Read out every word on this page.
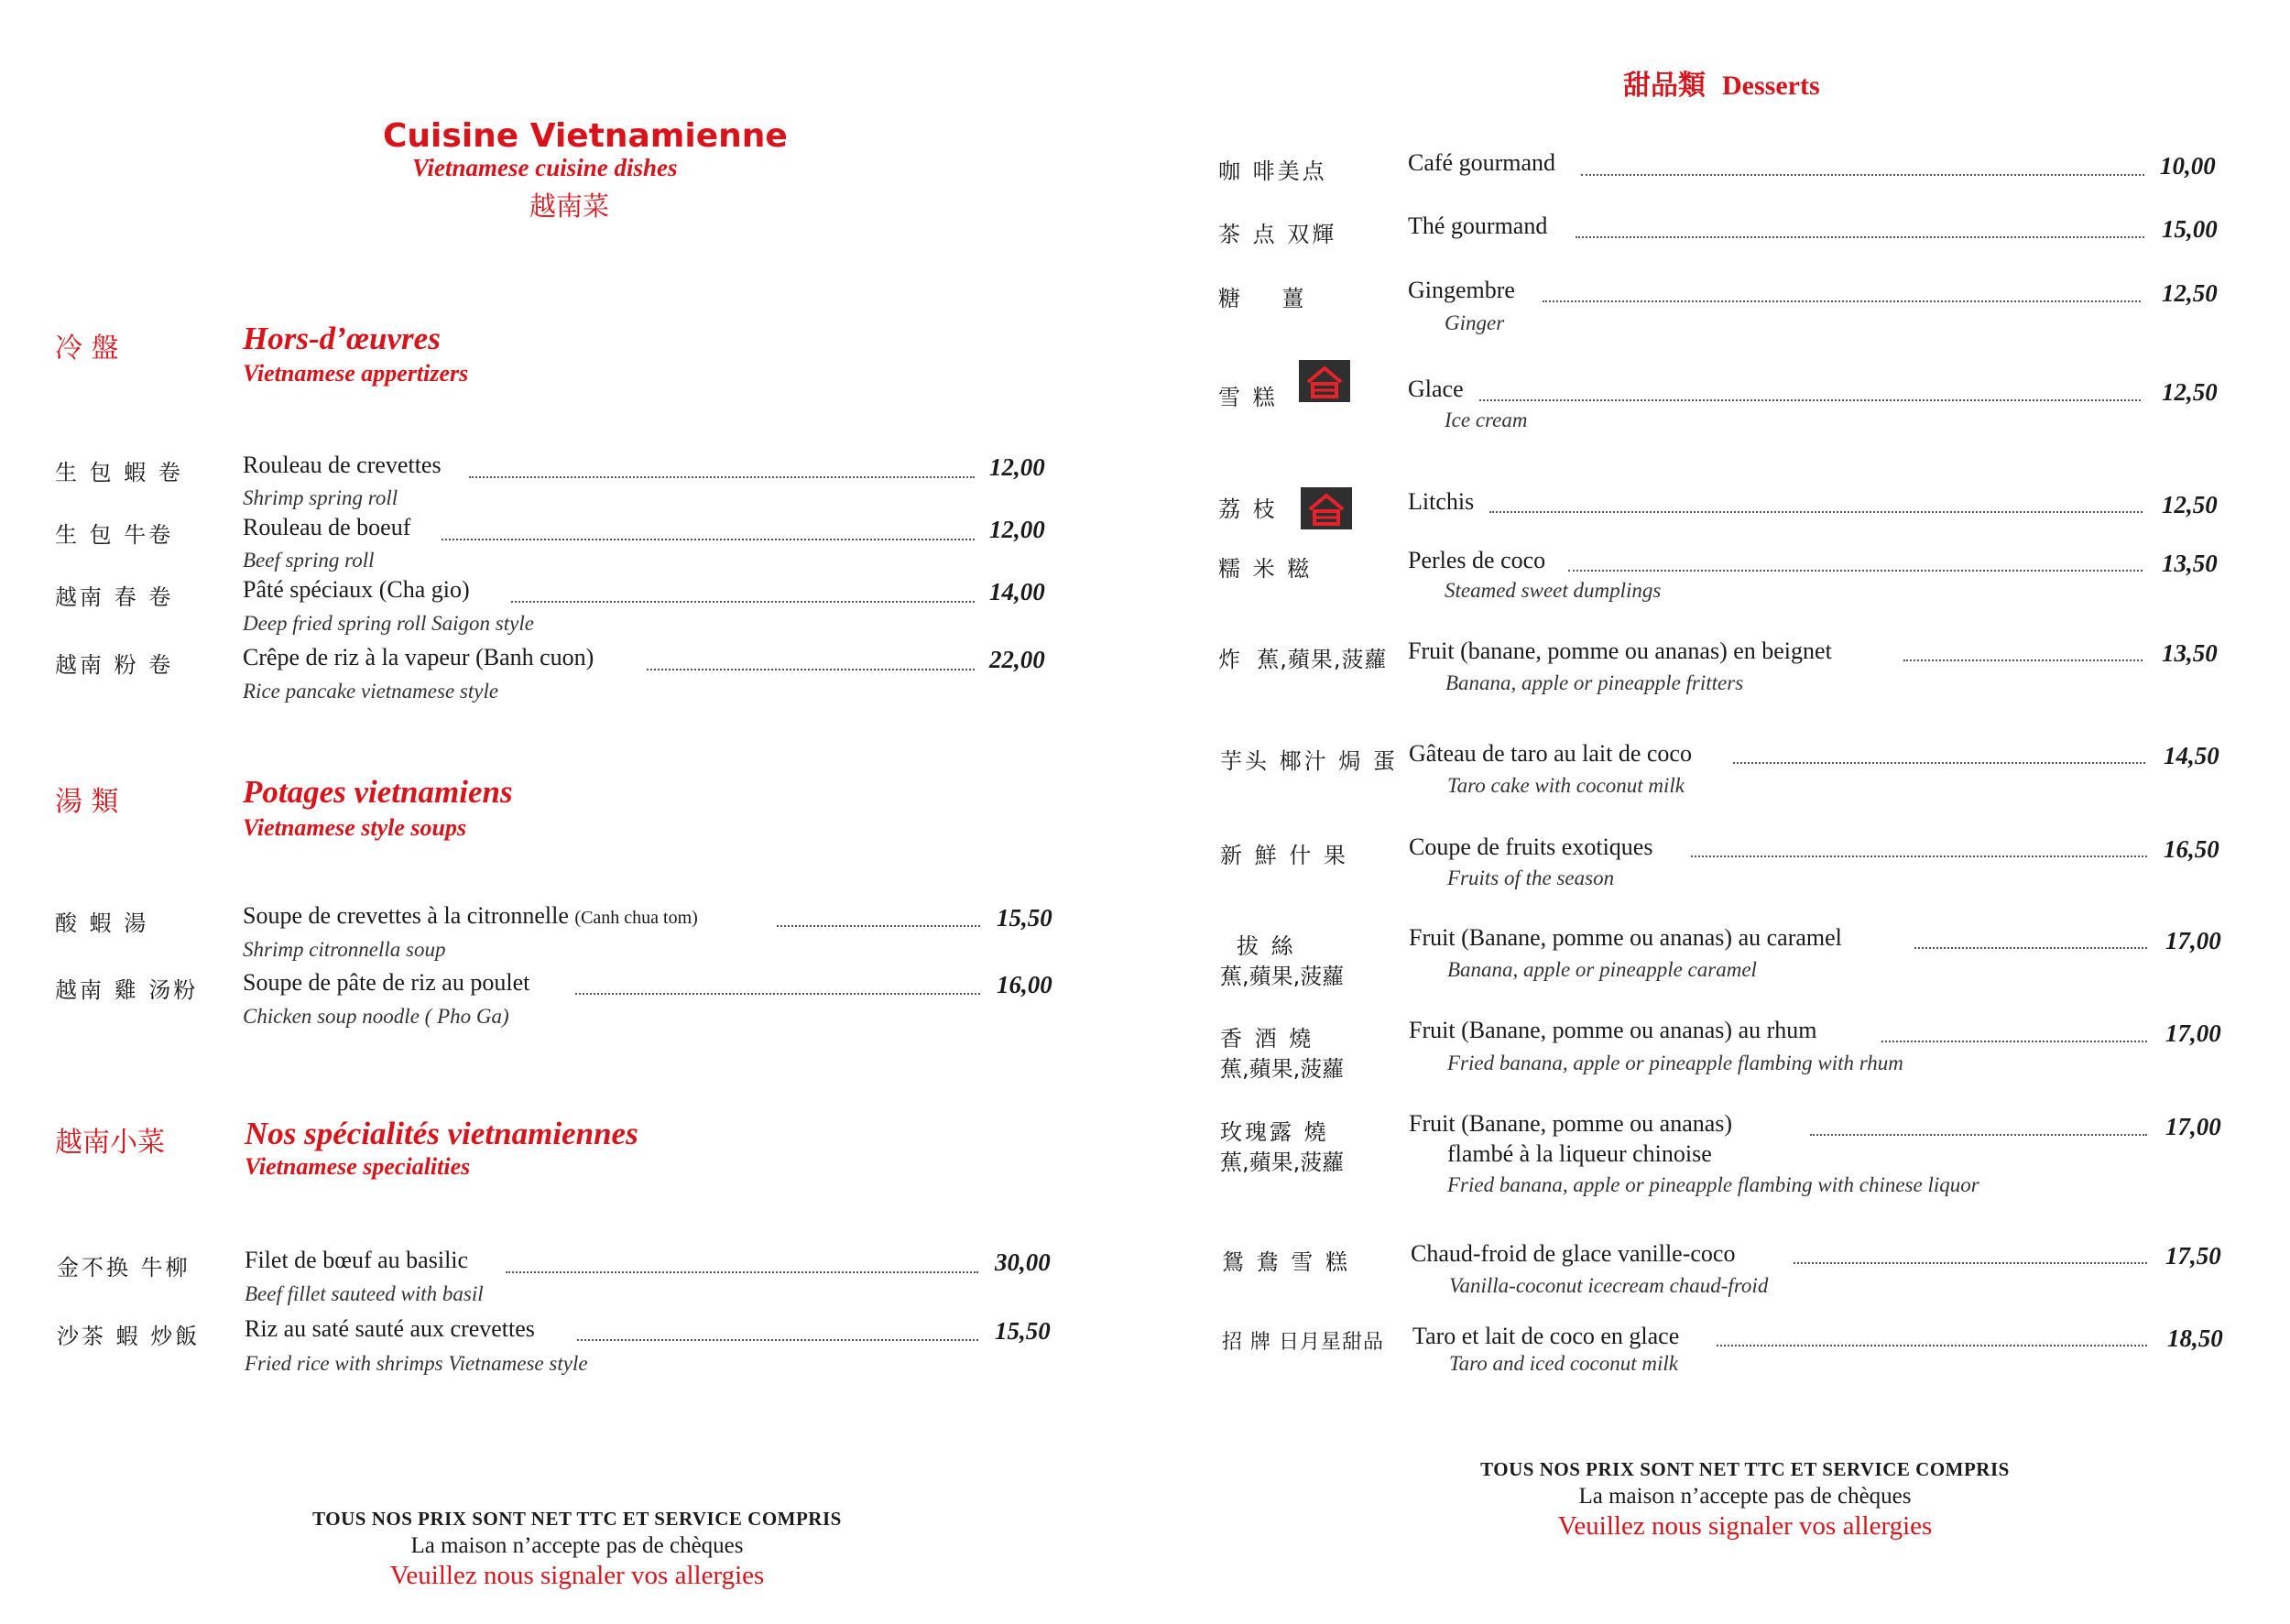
Cuisine Vietnamienne
Vietnamese cuisine dishes
越南菜
冷 盤	Hors-d’œuvres
Vietnamese appertizers
生 包 蝦 卷	Rouleau de crevettes	12,00
Shrimp spring roll
生 包 牛卷	Rouleau de boeuf	12,00
Beef spring roll
越南 春 卷	Pâté spéciaux (Cha gio)	14,00
Deep fried spring roll Saigon style
越南 粉 卷	Crêpe de riz à la vapeur (Banh cuon)	22,00
Rice pancake vietnamese style
湯 類	Potages vietnamiens
Vietnamese style soups
酸 蝦 湯	Soupe de crevettes à la citronnelle (Canh chua tom)	15,50
Shrimp citronnella soup
越南 雞 汤粉 Soupe de pâte de riz au poulet	16,00
Chicken soup noodle ( Pho Ga)
越南小菜 Nos spécialités vietnamiennes
Vietnamese specialities
金不换 牛柳 Filet de bœuf au basilic	30,00
Beef fillet sauteed with basil
沙茶 蝦 炒飯 Riz au saté sauté aux crevettes	15,50
Fried rice with shrimps Vietnamese style
TOUS NOS PRIX SONT NET TTC ET SERVICE COMPRIS
La maison n’accepte pas de chèques
Veuillez nous signaler vos allergies
甜品類 Desserts
咖 啡美点	Café gourmand	10,00
茶 点 双輝	Thé gourmand	15,00
糖    薑	Gingembre	12,50
Ginger
雪 糕	Glace	12,50
Ice cream
荔 枝	Litchis	12,50
糯 米 糍	Perles de coco	13,50
Steamed sweet dumplings
炸  蕉,蘋果,菠蘿 Fruit (banane, pomme ou ananas) en beignet	13,50
Banana, apple or pineapple fritters
芋头 椰汁 焗 蛋 Gâteau de taro au lait de coco	14,50
Taro cake with coconut milk
新 鮮 什 果	Coupe de fruits exotiques	16,50
Fruits of the season
拔 絲
蕉,蘋果,菠蘿
Fruit (Banane, pomme ou ananas) au caramel	17,00
Banana, apple or pineapple caramel
香 酒 燒
蕉,蘋果,菠蘿
Fruit (Banane, pomme ou ananas) au rhum	17,00
Fried banana, apple or pineapple flambing with rhum
玫瑰露 燒
蕉,蘋果,菠蘿
Fruit (Banane, pomme ou ananas)	17,00
flambé à la liqueur chinoise
Fried banana, apple or pineapple flambing with chinese liquor
鴛 鴦 雪 糕	Chaud-froid de glace vanille-coco	17,50
Vanilla-coconut icecream chaud-froid
招 牌 日月星甜品 Taro et lait de coco en glace	18,50
Taro and iced coconut milk
TOUS NOS PRIX SONT NET TTC ET SERVICE COMPRIS
La maison n’accepte pas de chèques
Veuillez nous signaler vos allergies
